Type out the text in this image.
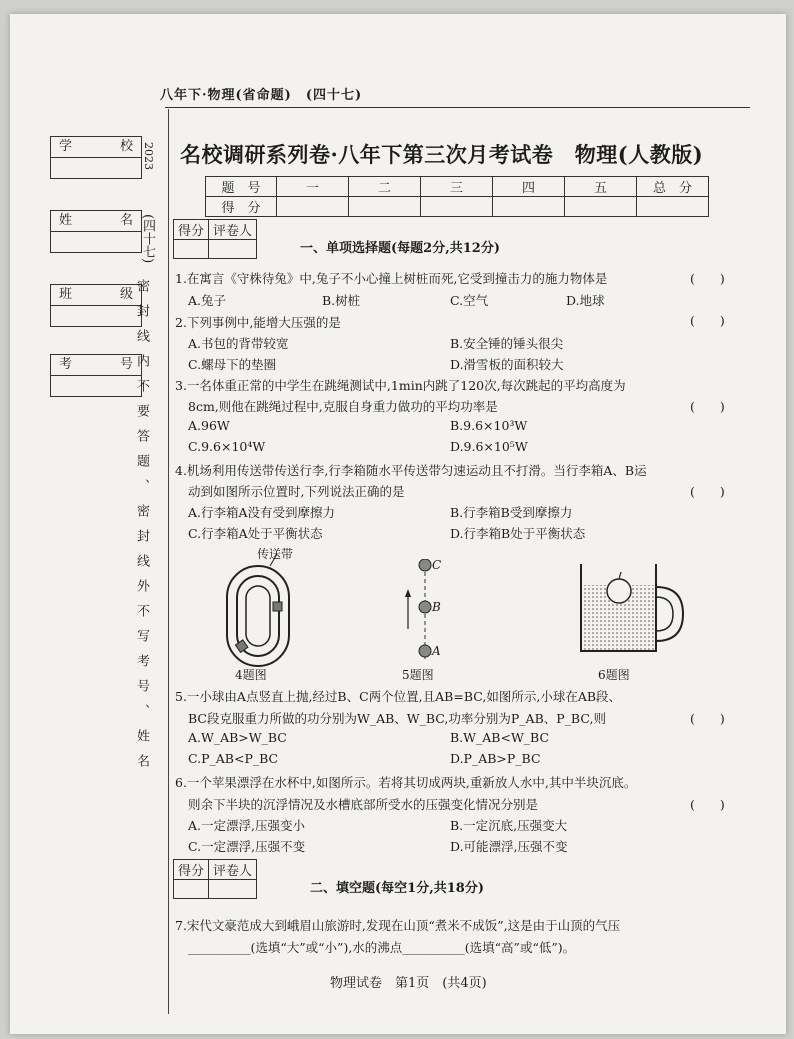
八年下·物理(省命题)　(四十七)
名校调研系列卷·八年下第三次月考试卷　物理(人教版)
学	校
姓	名
班	级
考	号
2023
(四十七)
密封线内不要答题、密封线外不写考号、姓名
题　号	一	二	三	四	五	总　分
得　分						
得分	评卷人

一、单项选择题(每题2分,共12分)
1.在寓言《守株待兔》中,兔子不小心撞上树桩而死,它受到撞击力的施力物体是	(　　)
A.兔子	B.树桩	C.空气	D.地球
2.下列事例中,能增大压强的是	(　　)
A.书包的背带较宽	B.安全锤的锤头很尖
C.螺母下的垫圈	D.滑雪板的面积较大
3.一名体重正常的中学生在跳绳测试中,1min内跳了120次,每次跳起的平均高度为
8cm,则他在跳绳过程中,克服自身重力做功的平均功率是	(　　)
A.96W	B.9.6×10³W
C.9.6×10⁴W	D.9.6×10⁵W
4.机场利用传送带传送行李,行李箱随水平传送带匀速运动且不打滑。当行李箱A、B运
动到如图所示位置时,下列说法正确的是	(　　)
A.行李箱A没有受到摩擦力	B.行李箱B受到摩擦力
C.行李箱A处于平衡状态	D.行李箱B处于平衡状态
传送带
4题图
C
B
A
5题图	6题图
5.一小球由A点竖直上抛,经过B、C两个位置,且AB=BC,如图所示,小球在AB段、
BC段克服重力所做的功分别为W_AB、W_BC,功率分别为P_AB、P_BC,则	(　　)
A.W_AB>W_BC	B.W_AB<W_BC
C.P_AB<P_BC	D.P_AB>P_BC
6.一个苹果漂浮在水杯中,如图所示。若将其切成两块,重新放人水中,其中半块沉底。
则余下半块的沉浮情况及水槽底部所受水的压强变化情况分别是	(　　)
A.一定漂浮,压强变小	B.一定沉底,压强变大
C.一定漂浮,压强不变	D.可能漂浮,压强不变
得分	评卷人

二、填空题(每空1分,共18分)
7.宋代文豪范成大到峨眉山旅游时,发现在山顶“煮米不成饭”,这是由于山顶的气压
__________(选填“大”或“小”),水的沸点__________(选填“高”或“低”)。
物理试卷　第1页　(共4页)
